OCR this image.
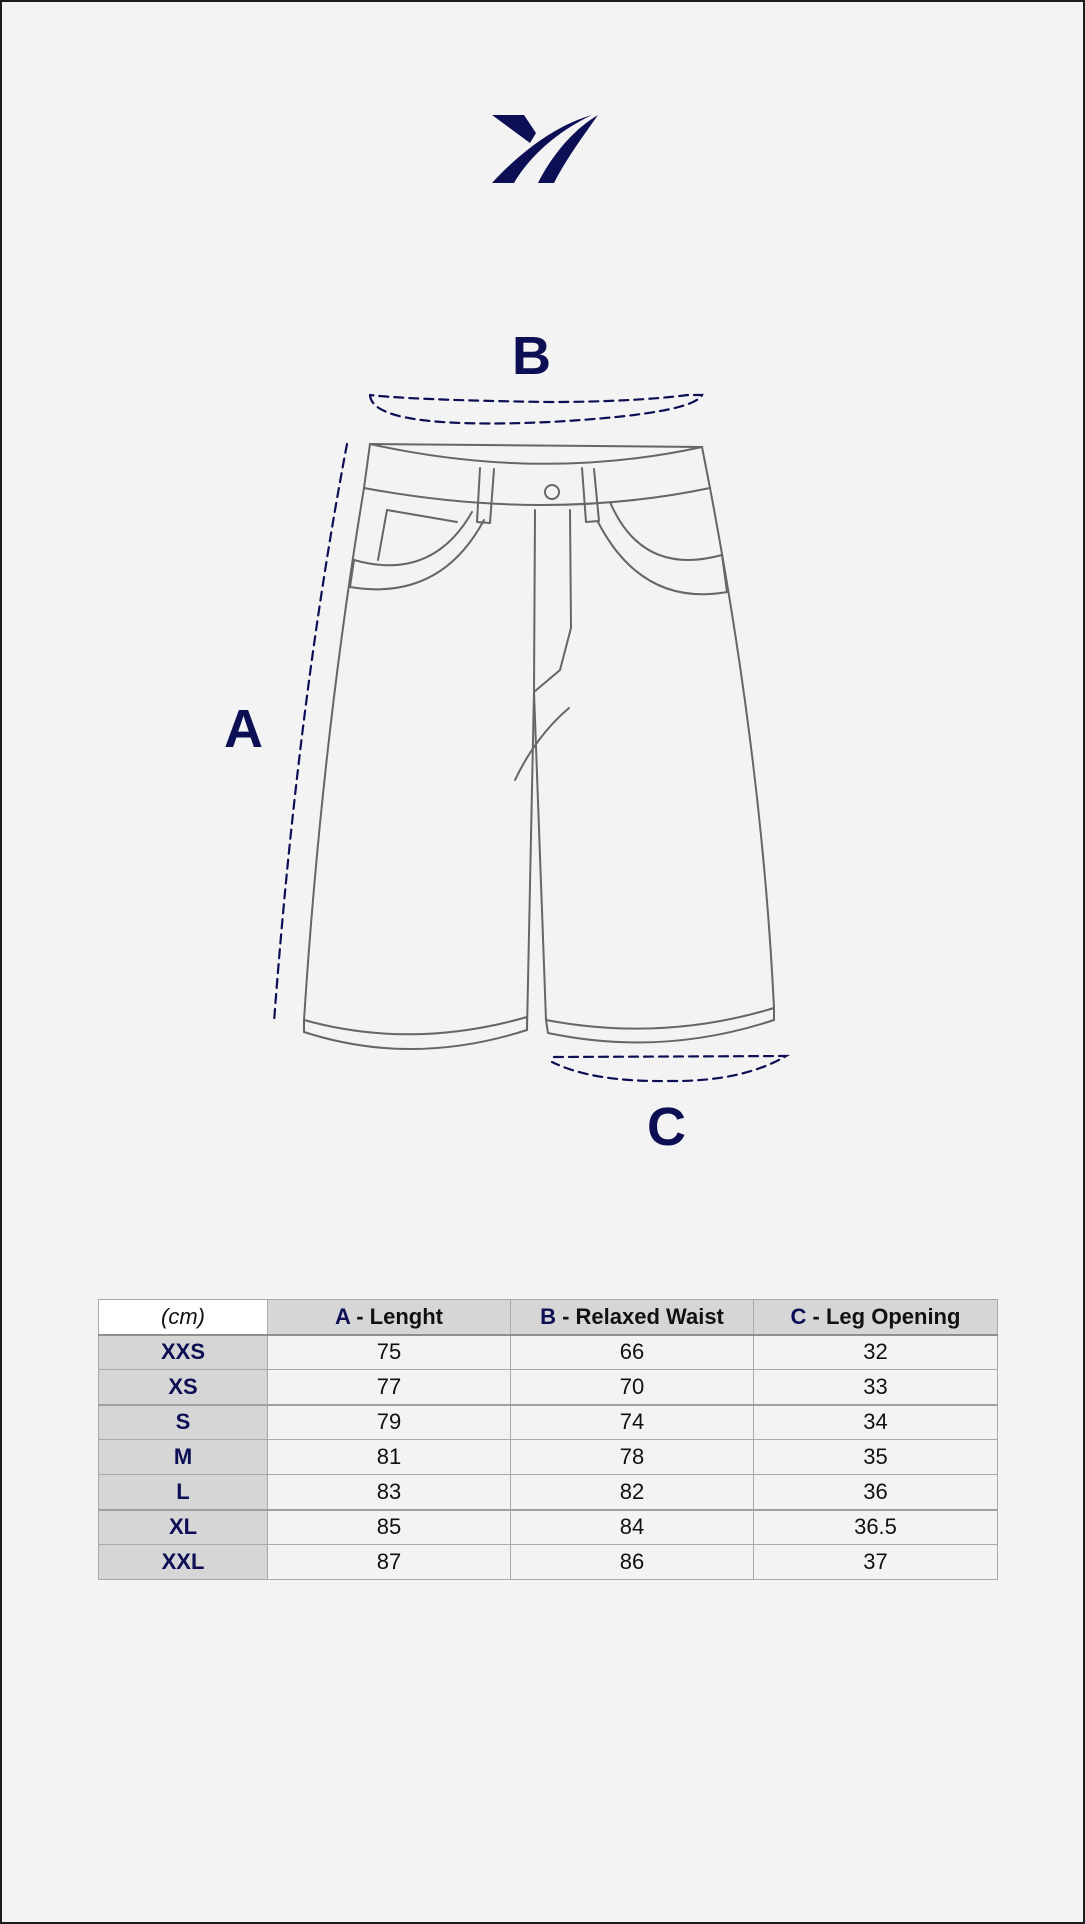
A
B
C
(cm)	A - Lenght	B - Relaxed Waist	C - Leg Opening
XXS	75	66	32
XS	77	70	33
S	79	74	34
M	81	78	35
L	83	82	36
XL	85	84	36.5
XXL	87	86	37
